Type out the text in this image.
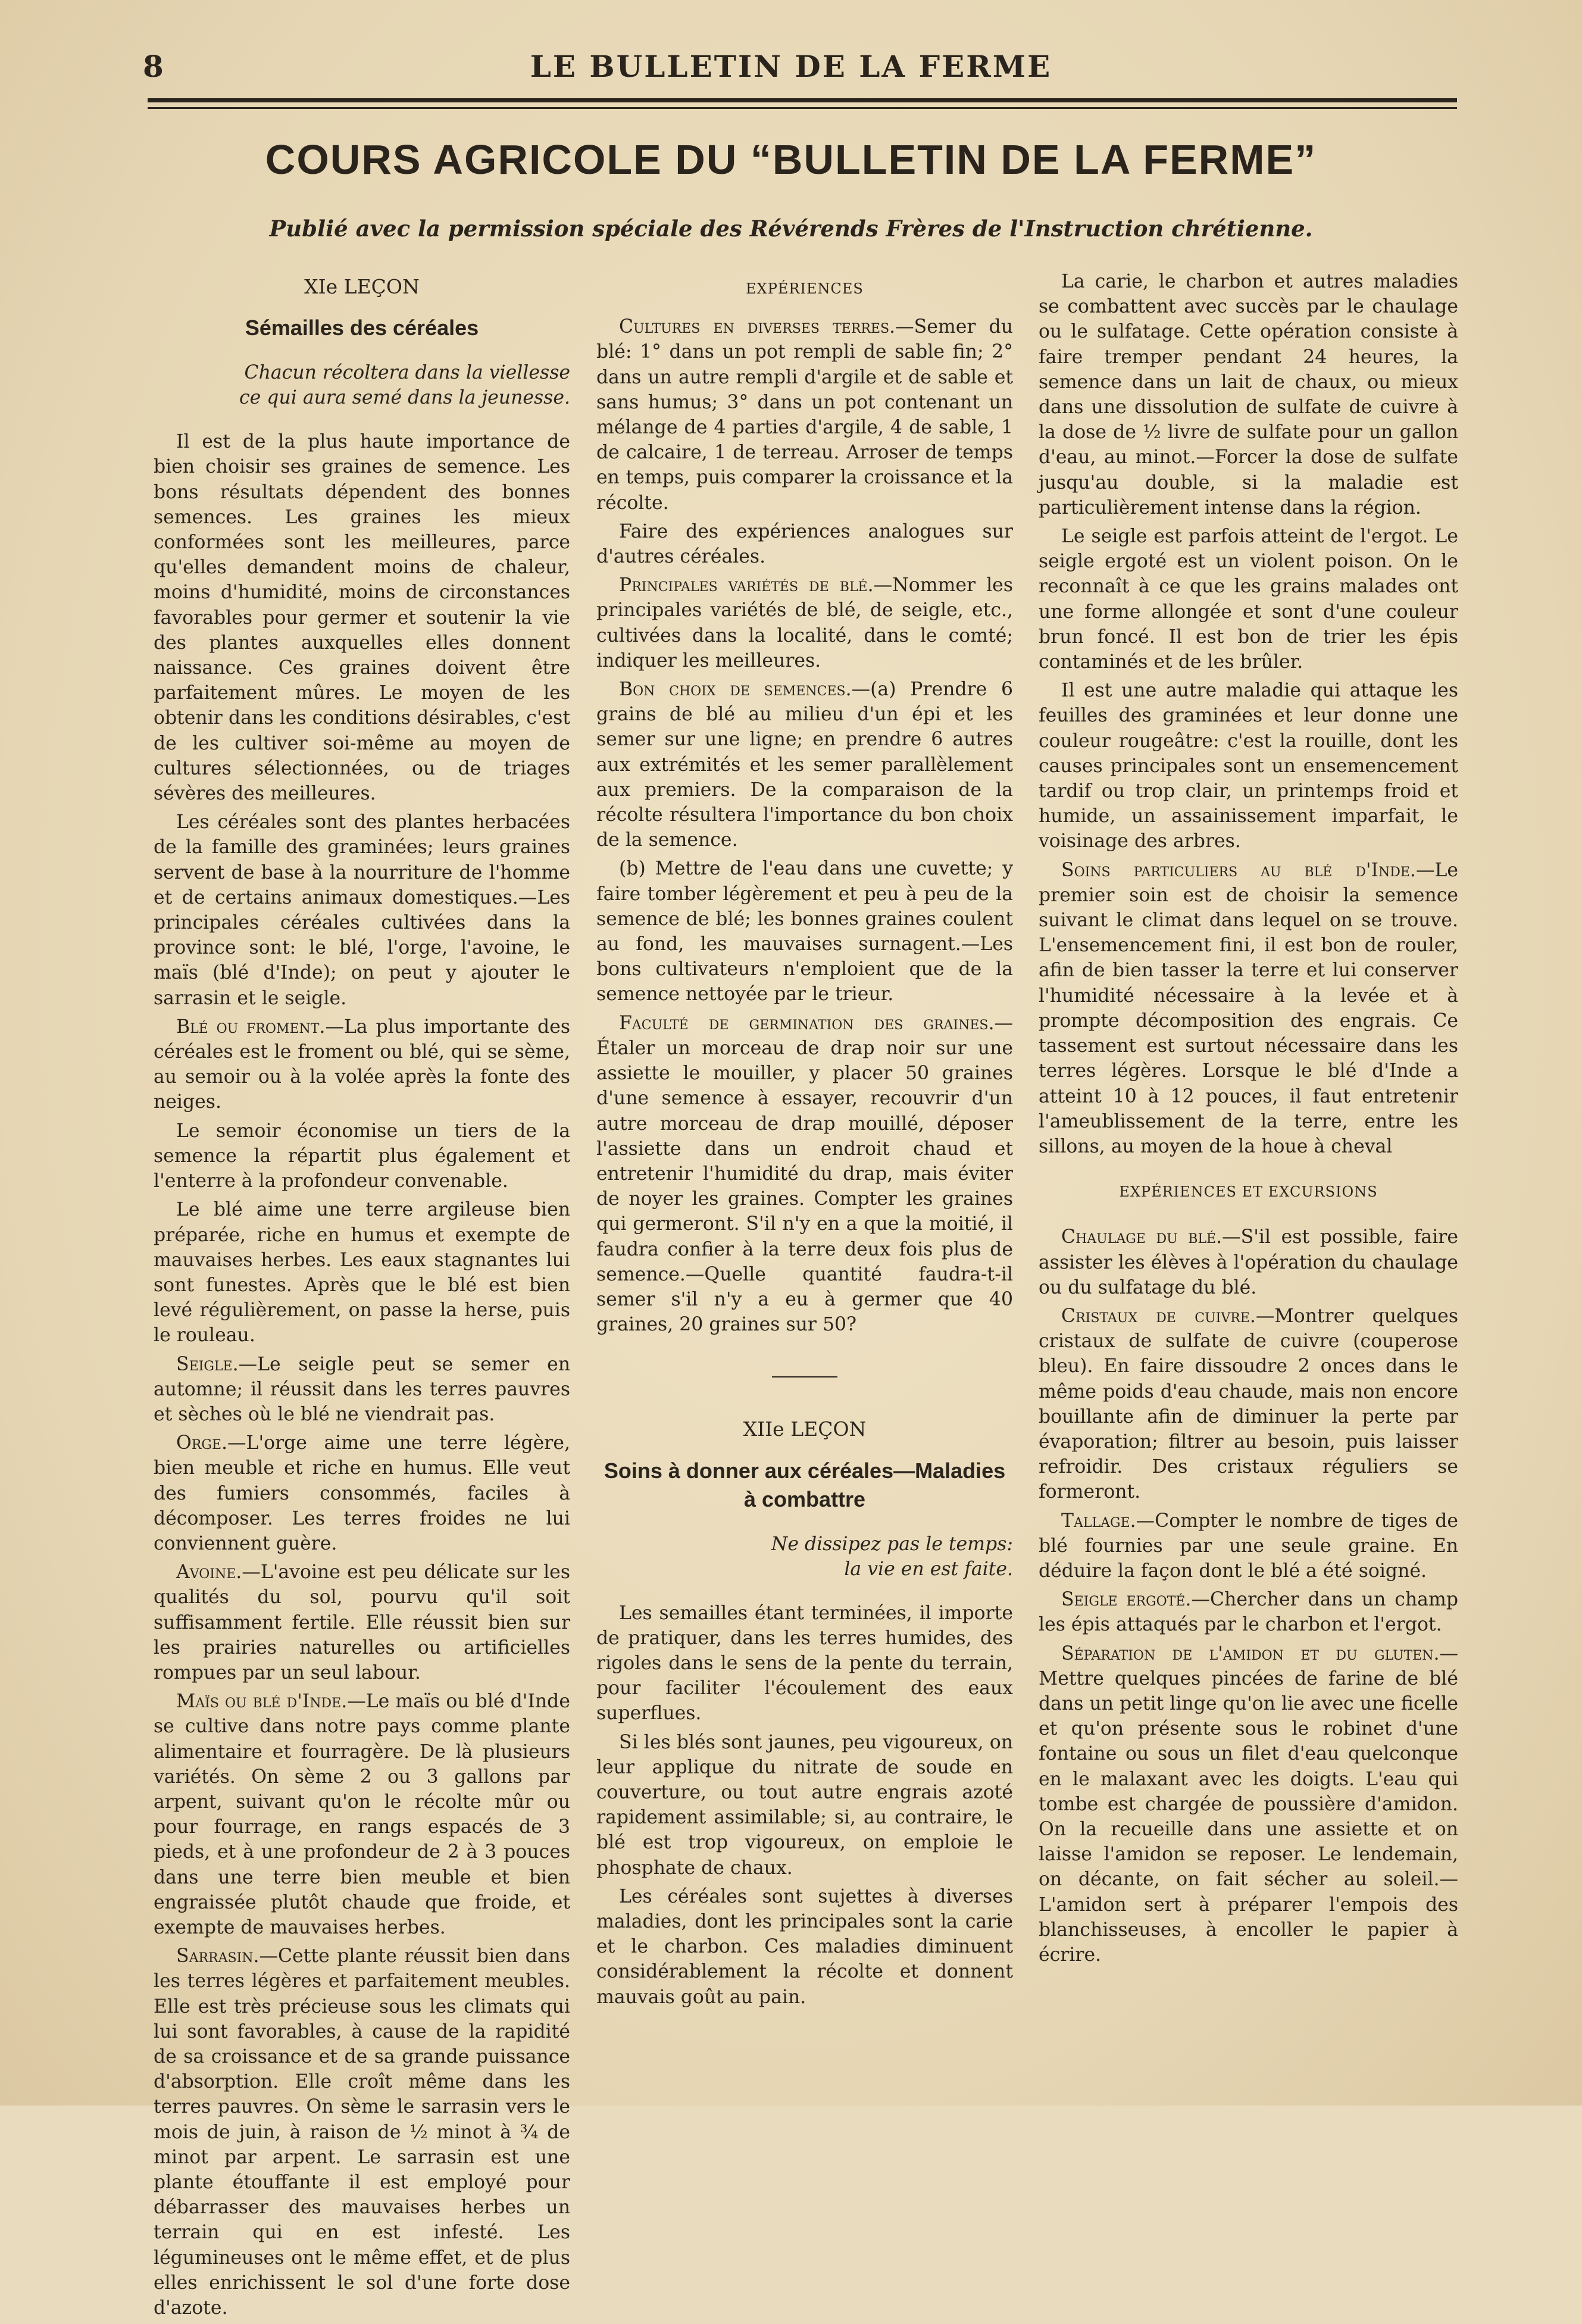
8	LE BULLETIN DE LA FERME
COURS AGRICOLE DU “BULLETIN DE LA FERME”
Publié avec la permission spéciale des Révérends Frères de l'Instruction chrétienne.
XIe LEÇON
Sémailles des céréales
Chacun récoltera dans la viellesse
ce qui aura semé dans la jeunesse.

Il est de la plus haute importance de bien choisir ses graines de semence. Les bons résultats dépendent des bonnes semences. Les graines les mieux conformées sont les meilleures, parce qu'elles demandent moins de chaleur, moins d'humidité, moins de circonstances favorables pour germer et soutenir la vie des plantes auxquelles elles donnent naissance. Ces graines doivent être parfaitement mûres. Le moyen de les obtenir dans les conditions désirables, c'est de les cultiver soi-même au moyen de cultures sélectionnées, ou de triages sévères des meilleures.

Les céréales sont des plantes herbacées de la famille des graminées; leurs graines servent de base à la nourriture de l'homme et de certains animaux domestiques.—Les principales céréales cultivées dans la province sont: le blé, l'orge, l'avoine, le maïs (blé d'Inde); on peut y ajouter le sarrasin et le seigle.

Blé ou froment.—La plus importante des céréales est le froment ou blé, qui se sème, au semoir ou à la volée après la fonte des neiges.

Le semoir économise un tiers de la semence la répartit plus également et l'enterre à la profondeur convenable.

Le blé aime une terre argileuse bien préparée, riche en humus et exempte de mauvaises herbes. Les eaux stagnantes lui sont funestes. Après que le blé est bien levé régulièrement, on passe la herse, puis le rouleau.

Seigle.—Le seigle peut se semer en automne; il réussit dans les terres pauvres et sèches où le blé ne viendrait pas.

Orge.—L'orge aime une terre légère, bien meuble et riche en humus. Elle veut des fumiers consommés, faciles à décomposer. Les terres froides ne lui conviennent guère.

Avoine.—L'avoine est peu délicate sur les qualités du sol, pourvu qu'il soit suffisamment fertile. Elle réussit bien sur les prairies naturelles ou artificielles rompues par un seul labour.

Maïs ou blé d'Inde.—Le maïs ou blé d'Inde se cultive dans notre pays comme plante alimentaire et fourragère. De là plusieurs variétés. On sème 2 ou 3 gallons par arpent, suivant qu'on le récolte mûr ou pour fourrage, en rangs espacés de 3 pieds, et à une profondeur de 2 à 3 pouces dans une terre bien meuble et bien engraissée plutôt chaude que froide, et exempte de mauvaises herbes.

Sarrasin.—Cette plante réussit bien dans les terres légères et parfaitement meubles. Elle est très précieuse sous les climats qui lui sont favorables, à cause de la rapidité de sa croissance et de sa grande puissance d'absorption. Elle croît même dans les terres pauvres. On sème le sarrasin vers le mois de juin, à raison de ½ minot à ¾ de minot par arpent. Le sarrasin est une plante étouffante il est employé pour débarrasser des mauvaises herbes un terrain qui en est infesté. Les légumineuses ont le même effet, et de plus elles enrichissent le sol d'une forte dose d'azote.

EXPÉRIENCES

Cultures en diverses terres.—Semer du blé: 1° dans un pot rempli de sable fin; 2° dans un autre rempli d'argile et de sable et sans humus; 3° dans un pot contenant un mélange de 4 parties d'argile, 4 de sable, 1 de calcaire, 1 de terreau. Arroser de temps en temps, puis comparer la croissance et la récolte.

Faire des expériences analogues sur d'autres céréales.

Principales variétés de blé.—Nommer les principales variétés de blé, de seigle, etc., cultivées dans la localité, dans le comté; indiquer les meilleures.

Bon choix de semences.—(a) Prendre 6 grains de blé au milieu d'un épi et les semer sur une ligne; en prendre 6 autres aux extrémités et les semer parallèlement aux premiers. De la comparaison de la récolte résultera l'importance du bon choix de la semence.

(b) Mettre de l'eau dans une cuvette; y faire tomber légèrement et peu à peu de la semence de blé; les bonnes graines coulent au fond, les mauvaises surnagent.—Les bons cultivateurs n'emploient que de la semence nettoyée par le trieur.

Faculté de germination des graines.—Étaler un morceau de drap noir sur une assiette le mouiller, y placer 50 graines d'une semence à essayer, recouvrir d'un autre morceau de drap mouillé, déposer l'assiette dans un endroit chaud et entretenir l'humidité du drap, mais éviter de noyer les graines. Compter les graines qui germeront. S'il n'y en a que la moitié, il faudra confier à la terre deux fois plus de semence.—Quelle quantité faudra-t-il semer s'il n'y a eu à germer que 40 graines, 20 graines sur 50?

XIIe LEÇON
Soins à donner aux céréales—Maladies à combattre
Ne dissipez pas le temps:
la vie en est faite.

Les semailles étant terminées, il importe de pratiquer, dans les terres humides, des rigoles dans le sens de la pente du terrain, pour faciliter l'écoulement des eaux superflues.

Si les blés sont jaunes, peu vigoureux, on leur applique du nitrate de soude en couverture, ou tout autre engrais azoté rapidement assimilable; si, au contraire, le blé est trop vigoureux, on emploie le phosphate de chaux.

Les céréales sont sujettes à diverses maladies, dont les principales sont la carie et le charbon. Ces maladies diminuent considérablement la récolte et donnent mauvais goût au pain.

La carie, le charbon et autres maladies se combattent avec succès par le chaulage ou le sulfatage. Cette opération consiste à faire tremper pendant 24 heures, la semence dans un lait de chaux, ou mieux dans une dissolution de sulfate de cuivre à la dose de ½ livre de sulfate pour un gallon d'eau, au minot.—Forcer la dose de sulfate jusqu'au double, si la maladie est particulièrement intense dans la région.

Le seigle est parfois atteint de l'ergot. Le seigle ergoté est un violent poison. On le reconnaît à ce que les grains malades ont une forme allongée et sont d'une couleur brun foncé. Il est bon de trier les épis contaminés et de les brûler.

Il est une autre maladie qui attaque les feuilles des graminées et leur donne une couleur rougeâtre: c'est la rouille, dont les causes principales sont un ensemencement tardif ou trop clair, un printemps froid et humide, un assainissement imparfait, le voisinage des arbres.

Soins particuliers au blé d'Inde.—Le premier soin est de choisir la semence suivant le climat dans lequel on se trouve. L'ensemencement fini, il est bon de rouler, afin de bien tasser la terre et lui conserver l'humidité nécessaire à la levée et à prompte décomposition des engrais. Ce tassement est surtout nécessaire dans les terres légères. Lorsque le blé d'Inde a atteint 10 à 12 pouces, il faut entretenir l'ameublissement de la terre, entre les sillons, au moyen de la houe à cheval

EXPÉRIENCES ET EXCURSIONS

Chaulage du blé.—S'il est possible, faire assister les élèves à l'opération du chaulage ou du sulfatage du blé.

Cristaux de cuivre.—Montrer quelques cristaux de sulfate de cuivre (couperose bleu). En faire dissoudre 2 onces dans le même poids d'eau chaude, mais non encore bouillante afin de diminuer la perte par évaporation; filtrer au besoin, puis laisser refroidir. Des cristaux réguliers se formeront.

Tallage.—Compter le nombre de tiges de blé fournies par une seule graine. En déduire la façon dont le blé a été soigné.

Seigle ergoté.—Chercher dans un champ les épis attaqués par le charbon et l'ergot.

Séparation de l'amidon et du gluten.—Mettre quelques pincées de farine de blé dans un petit linge qu'on lie avec une ficelle et qu'on présente sous le robinet d'une fontaine ou sous un filet d'eau quelconque en le malaxant avec les doigts. L'eau qui tombe est chargée de poussière d'amidon. On la recueille dans une assiette et on laisse l'amidon se reposer. Le lendemain, on décante, on fait sécher au soleil.—L'amidon sert à préparer l'empois des blanchisseuses, à encoller le papier à écrire.
